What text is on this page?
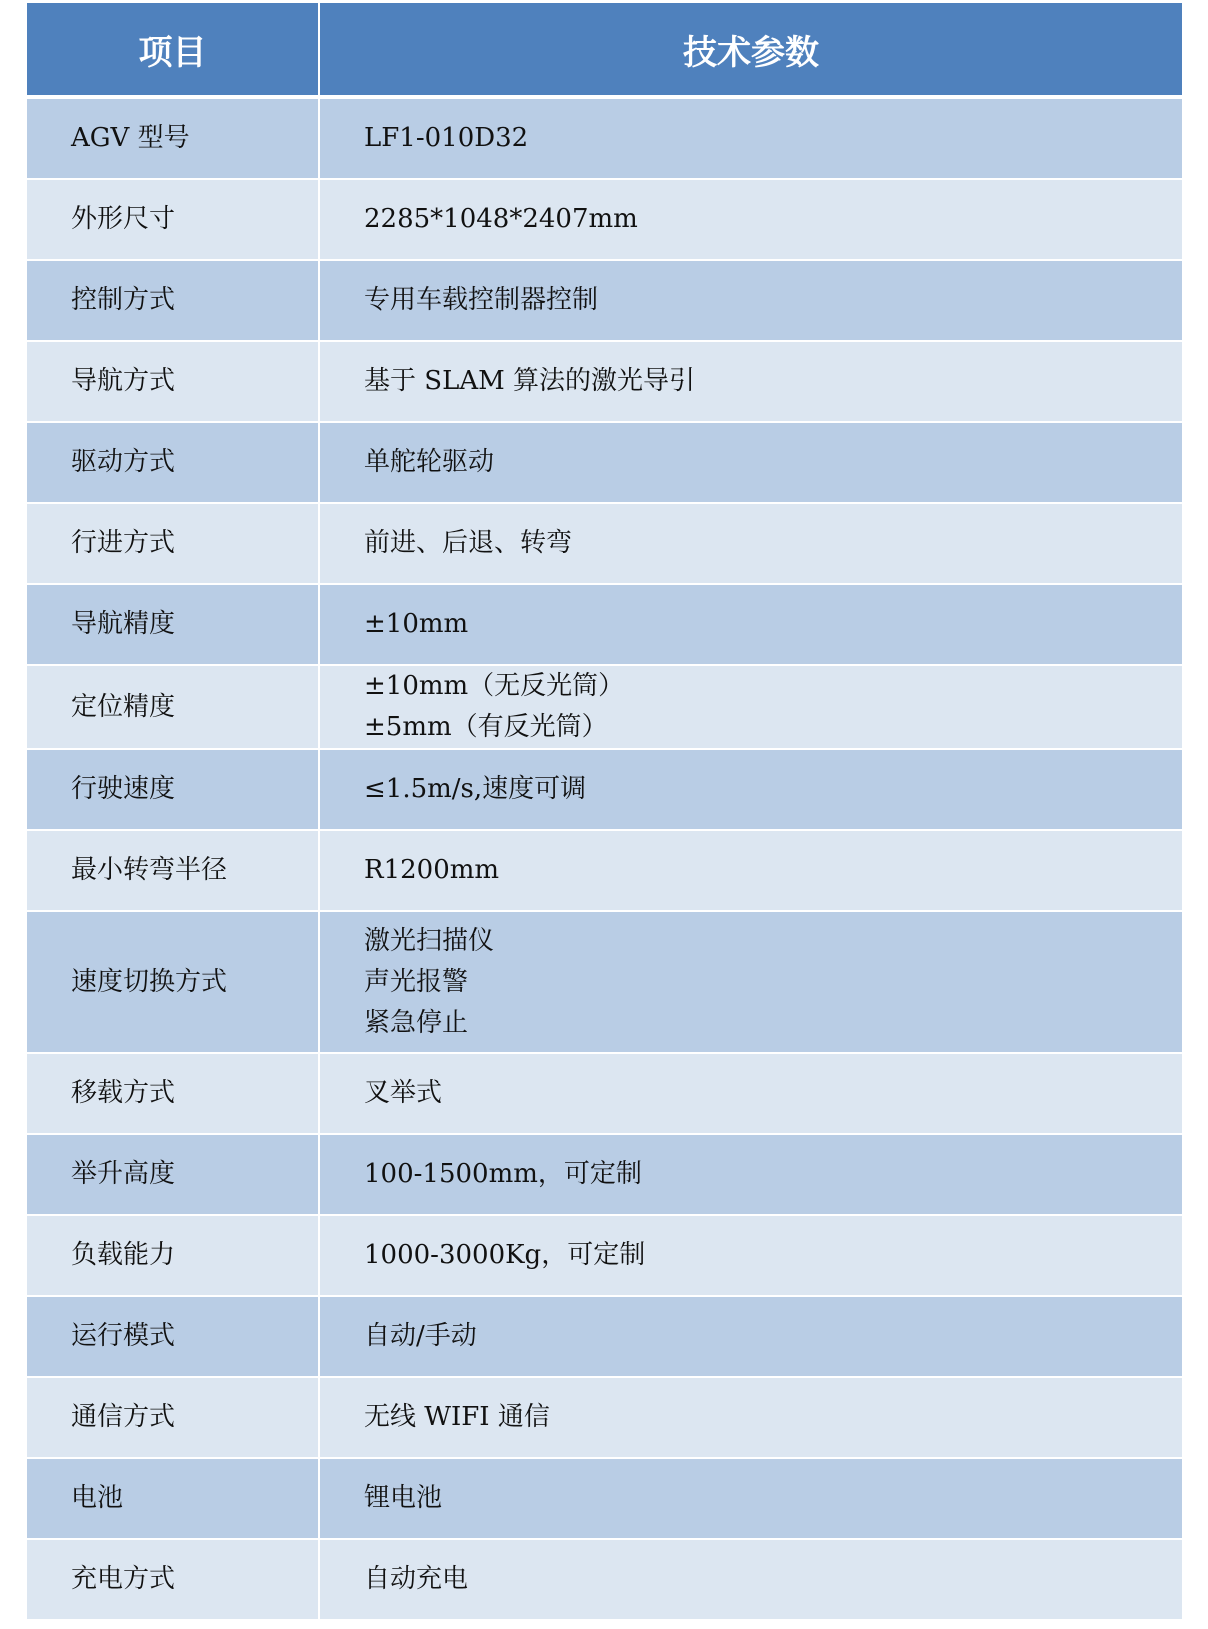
项目	技术参数
AGV 型号	LF1-010D32

外形尺寸	2285*1048*2407mm

控制方式	专用车载控制器控制

导航方式	基于 SLAM 算法的激光导引

驱动方式	单舵轮驱动

行进方式	前进、后退、转弯

导航精度	±10mm

定位精度	±10mm（无反光筒）
±5mm（有反光筒）

行驶速度	≤1.5m/s,速度可调

最小转弯半径	R1200mm

速度切换方式	激光扫描仪
声光报警
紧急停止

移载方式	叉举式

举升高度	100-1500mm，可定制

负载能力	1000-3000Kg，可定制

运行模式	自动/手动

通信方式	无线 WIFI 通信

电池	锂电池

充电方式	自动充电
